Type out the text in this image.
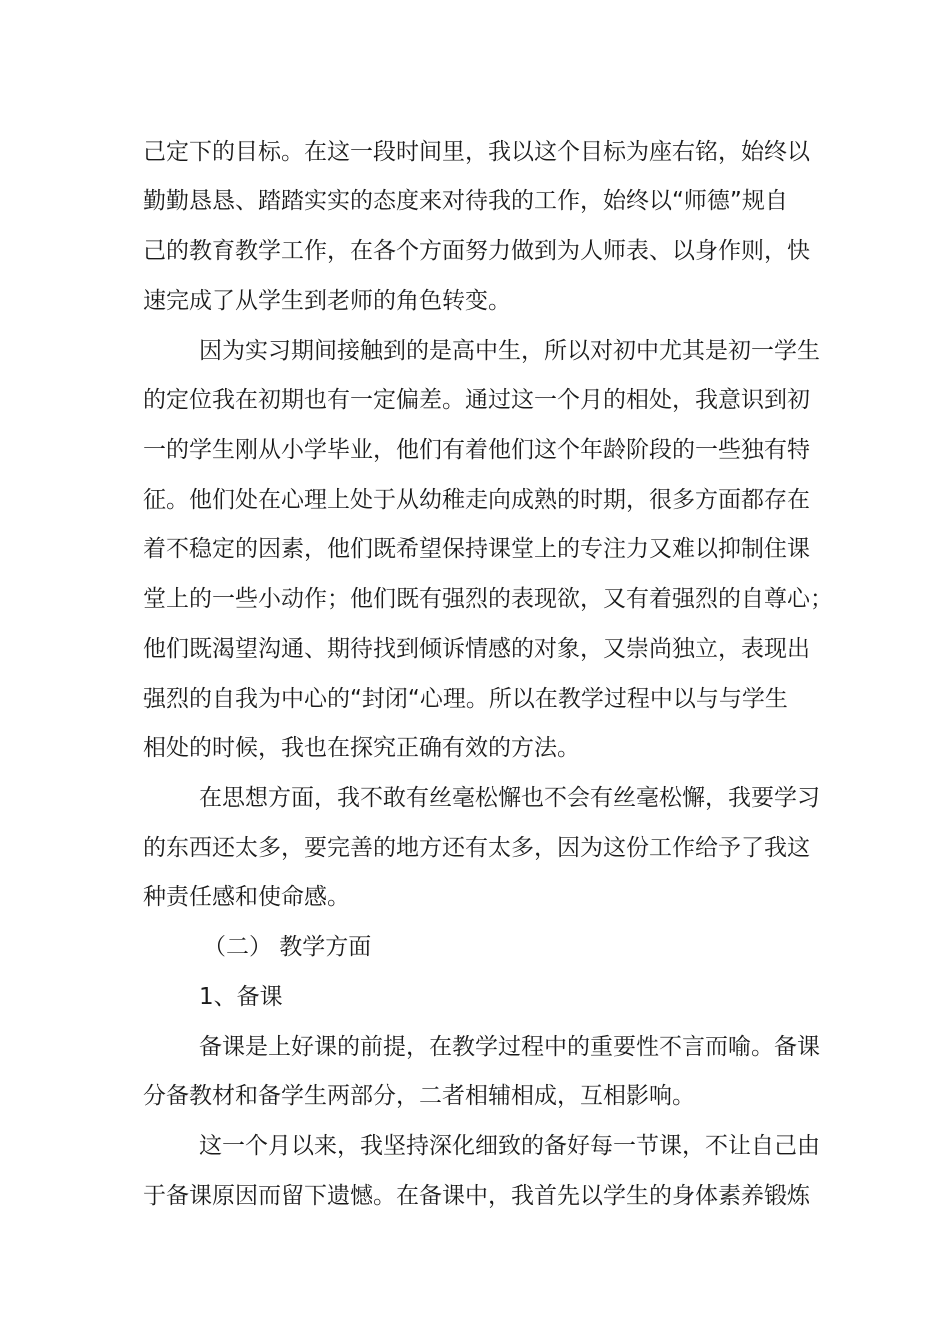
己定下的目标。在这一段时间里，我以这个目标为座右铭，始终以
勤勤恳恳、踏踏实实的态度来对待我的工作，始终以“师德”规自
己的教育教学工作，在各个方面努力做到为人师表、以身作则，快
速完成了从学生到老师的角色转变。
因为实习期间接触到的是高中生，所以对初中尤其是初一学生
的定位我在初期也有一定偏差。通过这一个月的相处，我意识到初
一的学生刚从小学毕业，他们有着他们这个年龄阶段的一些独有特
征。他们处在心理上处于从幼稚走向成熟的时期，很多方面都存在
着不稳定的因素，他们既希望保持课堂上的专注力又难以抑制住课
堂上的一些小动作；他们既有强烈的表现欲，又有着强烈的自尊心；
他们既渴望沟通、期待找到倾诉情感的对象，又崇尚独立，表现出
强烈的自我为中心的“封闭“心理。所以在教学过程中以与与学生
相处的时候，我也在探究正确有效的方法。
在思想方面，我不敢有丝毫松懈也不会有丝毫松懈，我要学习
的东西还太多，要完善的地方还有太多，因为这份工作给予了我这
种责任感和使命感。
（二） 教学方面
1、备课
备课是上好课的前提，在教学过程中的重要性不言而喻。备课
分备教材和备学生两部分，二者相辅相成，互相影响。
这一个月以来，我坚持深化细致的备好每一节课，不让自己由
于备课原因而留下遗憾。在备课中，我首先以学生的身体素养锻炼
